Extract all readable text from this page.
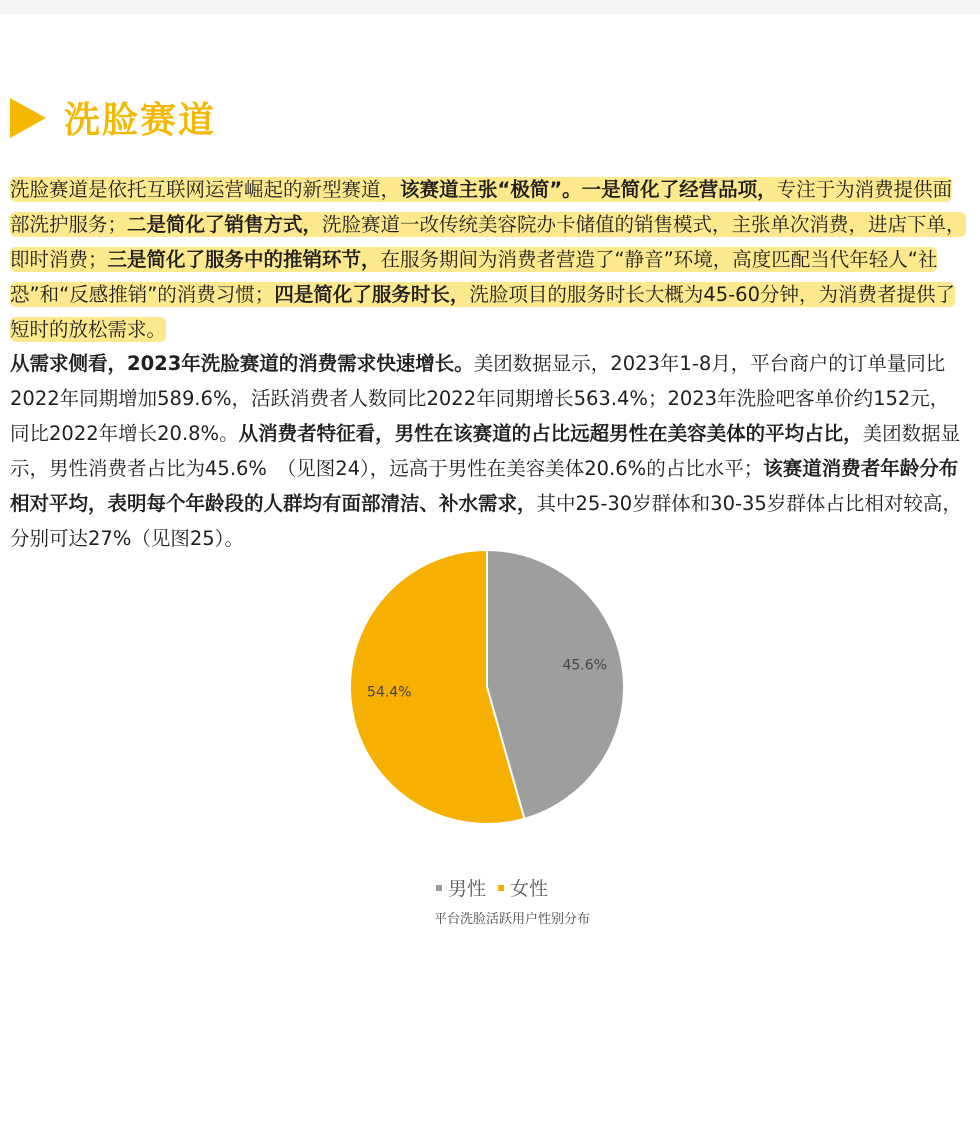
洗脸赛道
洗脸赛道是依托互联网运营崛起的新型赛道，该赛道主张“极简”。一是简化了经营品项，专注于为消费提供面部洗护服务；二是简化了销售方式，洗脸赛道一改传统美容院办卡储值的销售模式，主张单次消费，进店下单，即时消费；三是简化了服务中的推销环节，在服务期间为消费者营造了“静音”环境，高度匹配当代年轻人“社恐”和“反感推销”的消费习惯；四是简化了服务时长，洗脸项目的服务时长大概为45-60分钟，为消费者提供了短时的放松需求。
从需求侧看，2023年洗脸赛道的消费需求快速增长。美团数据显示，2023年1-8月，平台商户的订单量同比2022年同期增加589.6%，活跃消费者人数同比2022年同期增长563.4%；2023年洗脸吧客单价约152元，同比2022年增长20.8%。从消费者特征看，男性在该赛道的占比远超男性在美容美体的平均占比，美团数据显示，男性消费者占比为45.6%　（见图24），远高于男性在美容美体20.6%的占比水平；该赛道消费者年龄分布相对平均，表明每个年龄段的人群均有面部清洁、补水需求，其中25-30岁群体和30-35岁群体占比相对较高，分别可达27%（见图25）。
45.6%
54.4%
男性 女性
平台洗脸活跃用户性别分布
